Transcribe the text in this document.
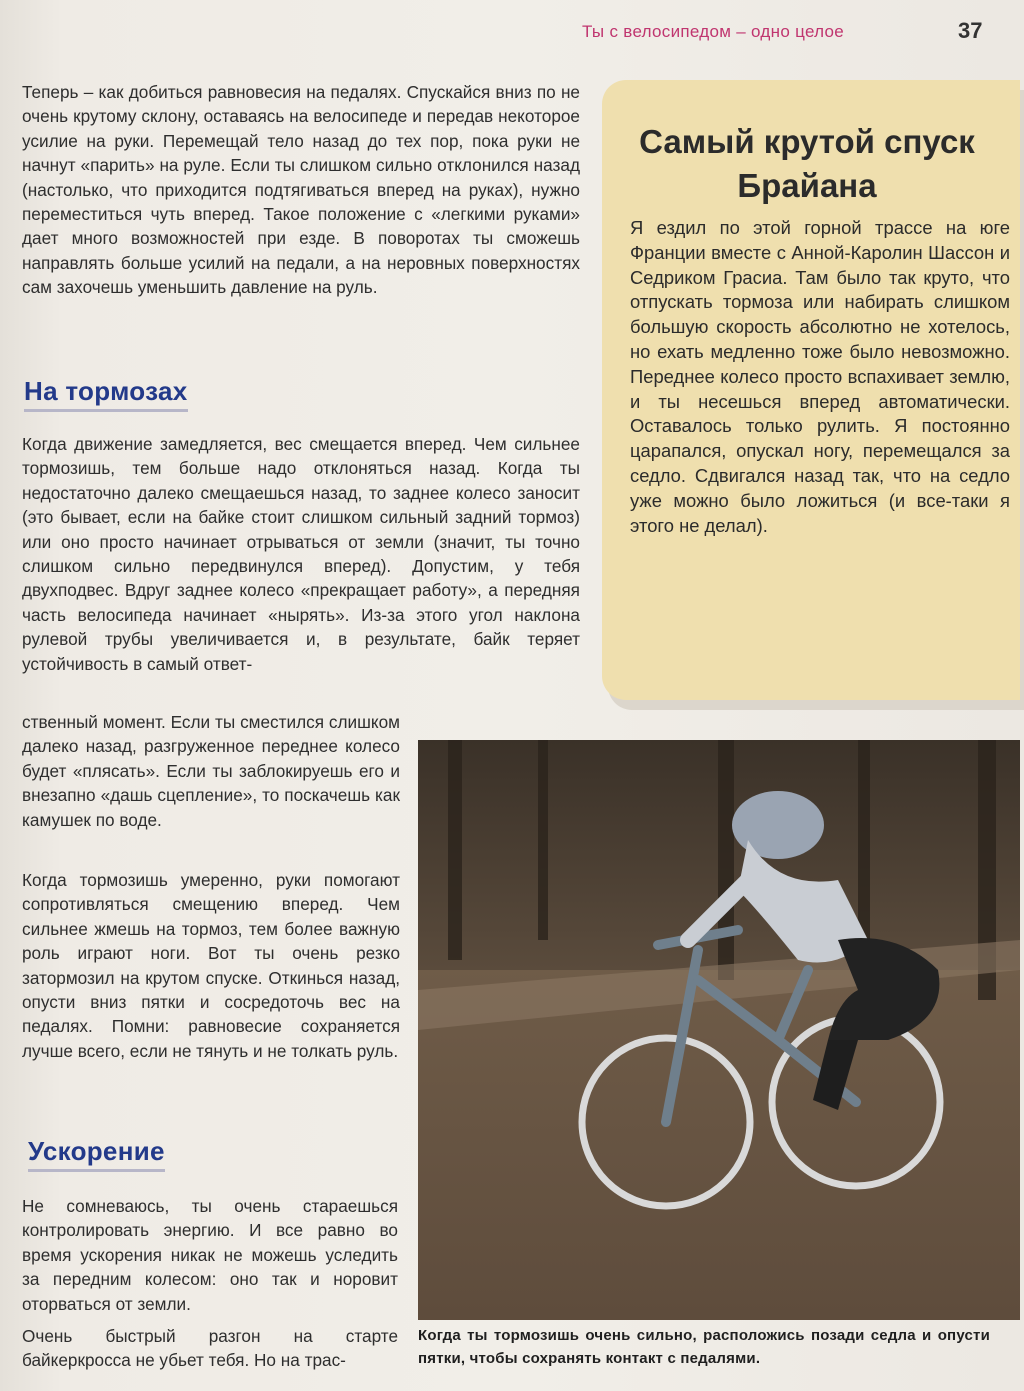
Ты с велосипедом – одно целое	37

Теперь – как добиться равновесия на педалях. Спускайся вниз по не очень крутому склону, оставаясь на велосипеде и передав некоторое усилие на руки. Перемещай тело назад до тех пор, пока руки не начнут «парить» на руле. Если ты слишком сильно отклонился назад (настолько, что приходится подтягиваться вперед на руках), нужно переместиться чуть вперед. Такое положение с «легкими руками» дает много возможностей при езде. В поворотах ты сможешь направлять больше усилий на педали, а на неровных поверхностях сам захочешь уменьшить давление на руль.

На тормозах

Когда движение замедляется, вес смещается вперед. Чем сильнее тормозишь, тем больше надо отклоняться назад. Когда ты недостаточно далеко смещаешься назад, то заднее колесо заносит (это бывает, если на байке стоит слишком сильный задний тормоз) или оно просто начинает отрываться от земли (значит, ты точно слишком сильно передвинулся вперед). Допустим, у тебя двухподвес. Вдруг заднее колесо «прекращает работу», а передняя часть велосипеда начинает «нырять». Из-за этого угол наклона рулевой трубы увеличивается и, в результате, байк теряет устойчивость в самый ответ-

ственный момент. Если ты сместился слишком далеко назад, разгруженное переднее колесо будет «плясать». Если ты заблокируешь его и внезапно «дашь сцепление», то поскачешь как камушек по воде.

Когда тормозишь умеренно, руки помогают сопротивляться смещению вперед. Чем сильнее жмешь на тормоз, тем более важную роль играют ноги. Вот ты очень резко затормозил на крутом спуске. Откинься назад, опусти вниз пятки и сосредоточь вес на педалях. Помни: равновесие сохраняется лучше всего, если не тянуть и не толкать руль.

Ускорение

Не сомневаюсь, ты очень стараешься контролировать энергию. И все равно во время ускорения никак не можешь уследить за передним колесом: оно так и норовит оторваться от земли.

Очень быстрый разгон на старте байкеркросса не убьет тебя. Но на трас-

Самый крутой спуск Брайана

Я ездил по этой горной трассе на юге Франции вместе с Анной-Каролин Шассон и Седриком Грасиа. Там было так круто, что отпускать тормоза или набирать слишком большую скорость абсолютно не хотелось, но ехать медленно тоже было невозможно. Переднее колесо просто вспахивает землю, и ты несешься вперед автоматически. Оставалось только рулить. Я постоянно царапался, опускал ногу, перемещался за седло. Сдвигался назад так, что на седло уже можно было ложиться (и все-таки я этого не делал).

Когда ты тормозишь очень сильно, расположись позади седла и опусти пятки, чтобы сохранять контакт с педалями.
